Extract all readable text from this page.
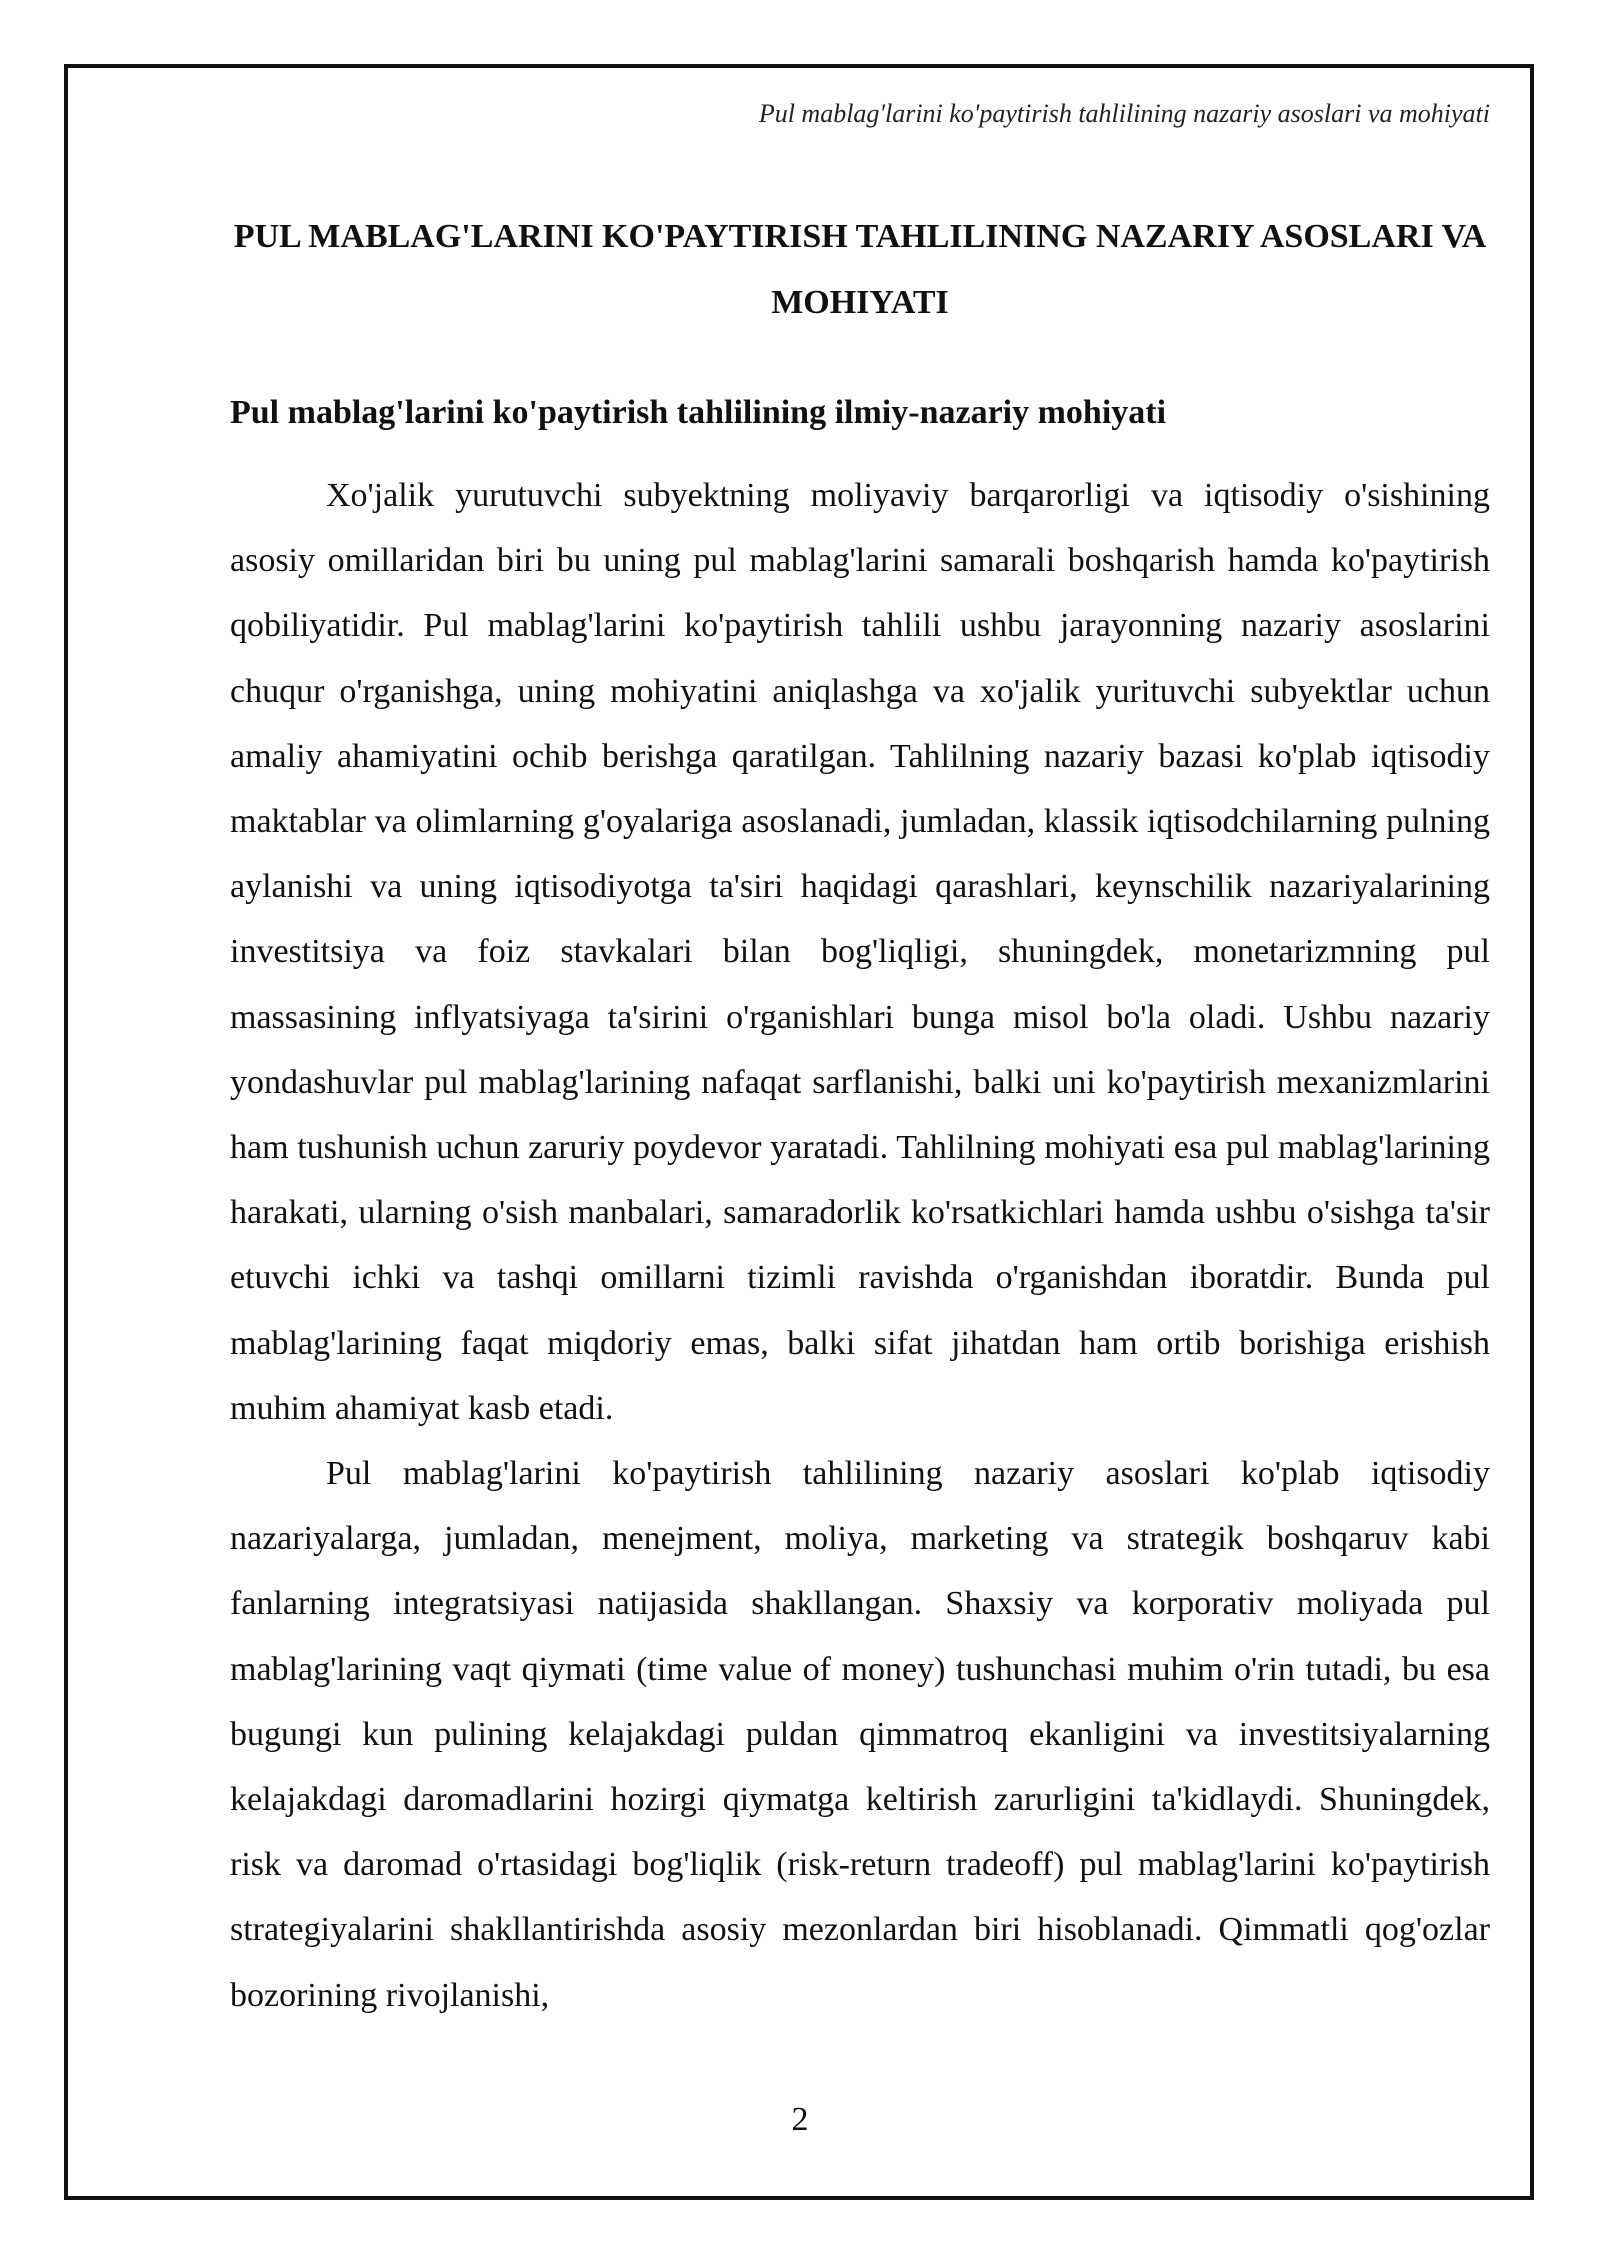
Pul mablag'larini ko'paytirish tahlilining nazariy asoslari va mohiyati
PUL MABLAG'LARINI KO'PAYTIRISH TAHLILINING NAZARIY ASOSLARI VA MOHIYATI
Pul mablag'larini ko'paytirish tahlilining ilmiy-nazariy mohiyati

Xo'jalik yurutuvchi subyektning moliyaviy barqarorligi va iqtisodiy o'sishining asosiy omillaridan biri bu uning pul mablag'larini samarali boshqarish hamda ko'paytirish qobiliyatidir. Pul mablag'larini ko'paytirish tahlili ushbu jarayonning nazariy asoslarini chuqur o'rganishga, uning mohiyatini aniqlashga va xo'jalik yurituvchi subyektlar uchun amaliy ahamiyatini ochib berishga qaratilgan. Tahlilning nazariy bazasi ko'plab iqtisodiy maktablar va olimlarning g'oyalariga asoslanadi, jumladan, klassik iqtisodchilarning pulning aylanishi va uning iqtisodiyotga ta'siri haqidagi qarashlari, keynschilik nazariyalarining investitsiya va foiz stavkalari bilan bog'liqligi, shuningdek, monetarizmning pul massasining inflyatsiyaga ta'sirini o'rganishlari bunga misol bo'la oladi. Ushbu nazariy yondashuvlar pul mablag'larining nafaqat sarflanishi, balki uni ko'paytirish mexanizmlarini ham tushunish uchun zaruriy poydevor yaratadi. Tahlilning mohiyati esa pul mablag'larining harakati, ularning o'sish manbalari, samaradorlik ko'rsatkichlari hamda ushbu o'sishga ta'sir etuvchi ichki va tashqi omillarni tizimli ravishda o'rganishdan iboratdir. Bunda pul mablag'larining faqat miqdoriy emas, balki sifat jihatdan ham ortib borishiga erishish muhim ahamiyat kasb etadi.

Pul mablag'larini ko'paytirish tahlilining nazariy asoslari ko'plab iqtisodiy nazariyalarga, jumladan, menejment, moliya, marketing va strategik boshqaruv kabi fanlarning integratsiyasi natijasida shakllangan. Shaxsiy va korporativ moliyada pul mablag'larining vaqt qiymati (time value of money) tushunchasi muhim o'rin tutadi, bu esa bugungi kun pulining kelajakdagi puldan qimmatroq ekanligini va investitsiyalarning kelajakdagi daromadlarini hozirgi qiymatga keltirish zarurligini ta'kidlaydi. Shuningdek, risk va daromad o'rtasidagi bog'liqlik (risk-return tradeoff) pul mablag'larini ko'paytirish strategiyalarini shakllantirishda asosiy mezonlardan biri hisoblanadi. Qimmatli qog'ozlar bozorining rivojlanishi,

2
